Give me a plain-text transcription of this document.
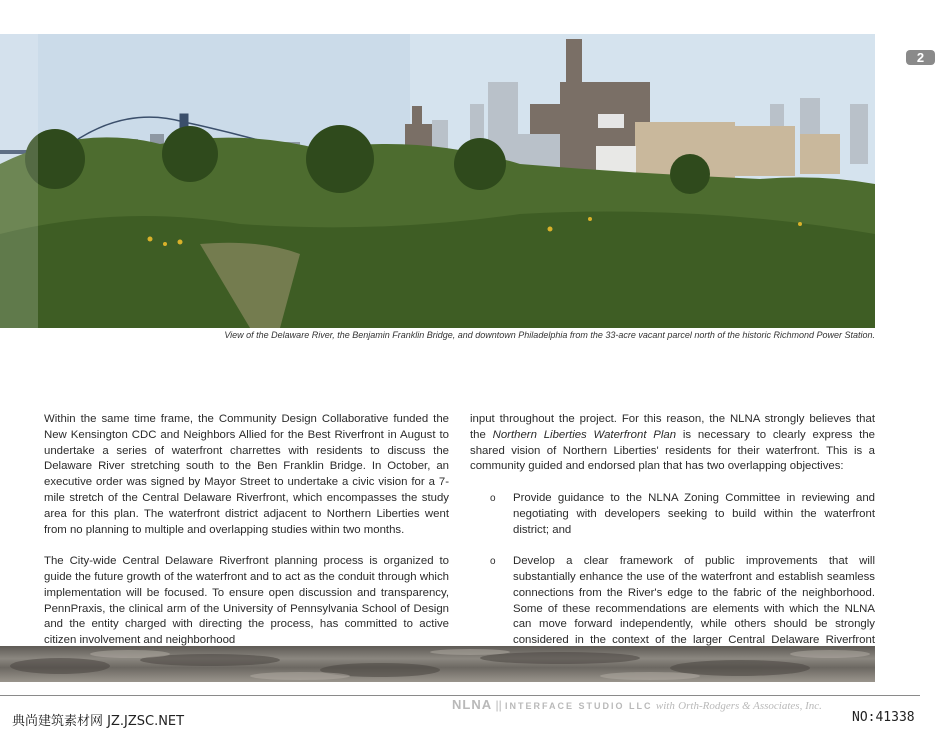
2
View of the Delaware River, the Benjamin Franklin Bridge, and downtown Philadelphia from the 33-acre vacant parcel north of the historic Richmond Power Station.

Within the same time frame, the Community Design Collaborative funded the New Kensington CDC and Neighbors Allied for the Best Riverfront in August to undertake a series of waterfront charrettes with residents to discuss the Delaware River stretching south to the Ben Franklin Bridge. In October, an executive order was signed by Mayor Street to undertake a civic vision for a 7-mile stretch of the Central Delaware Riverfront, which encompasses the study area for this plan. The waterfront district adjacent to Northern Liberties went from no planning to multiple and overlapping studies within two months.

The City-wide Central Delaware Riverfront planning process is organized to guide the future growth of the waterfront and to act as the conduit through which implementation will be focused. To ensure open discussion and transparency, PennPraxis, the clinical arm of the University of Pennsylvania School of Design and the entity charged with directing the process, has committed to active citizen involvement and neighborhood

input throughout the project. For this reason, the NLNA strongly believes that the Northern Liberties Waterfront Plan is necessary to clearly express the shared vision of Northern Liberties' residents for their waterfront. This is a community guided and endorsed plan that has two overlapping objectives:

o Provide guidance to the NLNA Zoning Committee in reviewing and negotiating with developers seeking to build within the waterfront district; and
o Develop a clear framework of public improvements that will substantially enhance the use of the waterfront and establish seamless connections from the River's edge to the fabric of the neighborhood. Some of these recommendations are elements with which the NLNA can move forward independently, while others should be strongly considered in the context of the larger Central Delaware Riverfront
NLNA || INTERFACE STUDIO LLC with Orth-Rodgers & Associates, Inc.
典尚建筑素材网 JZ.JZSC.NET	NO:41338
